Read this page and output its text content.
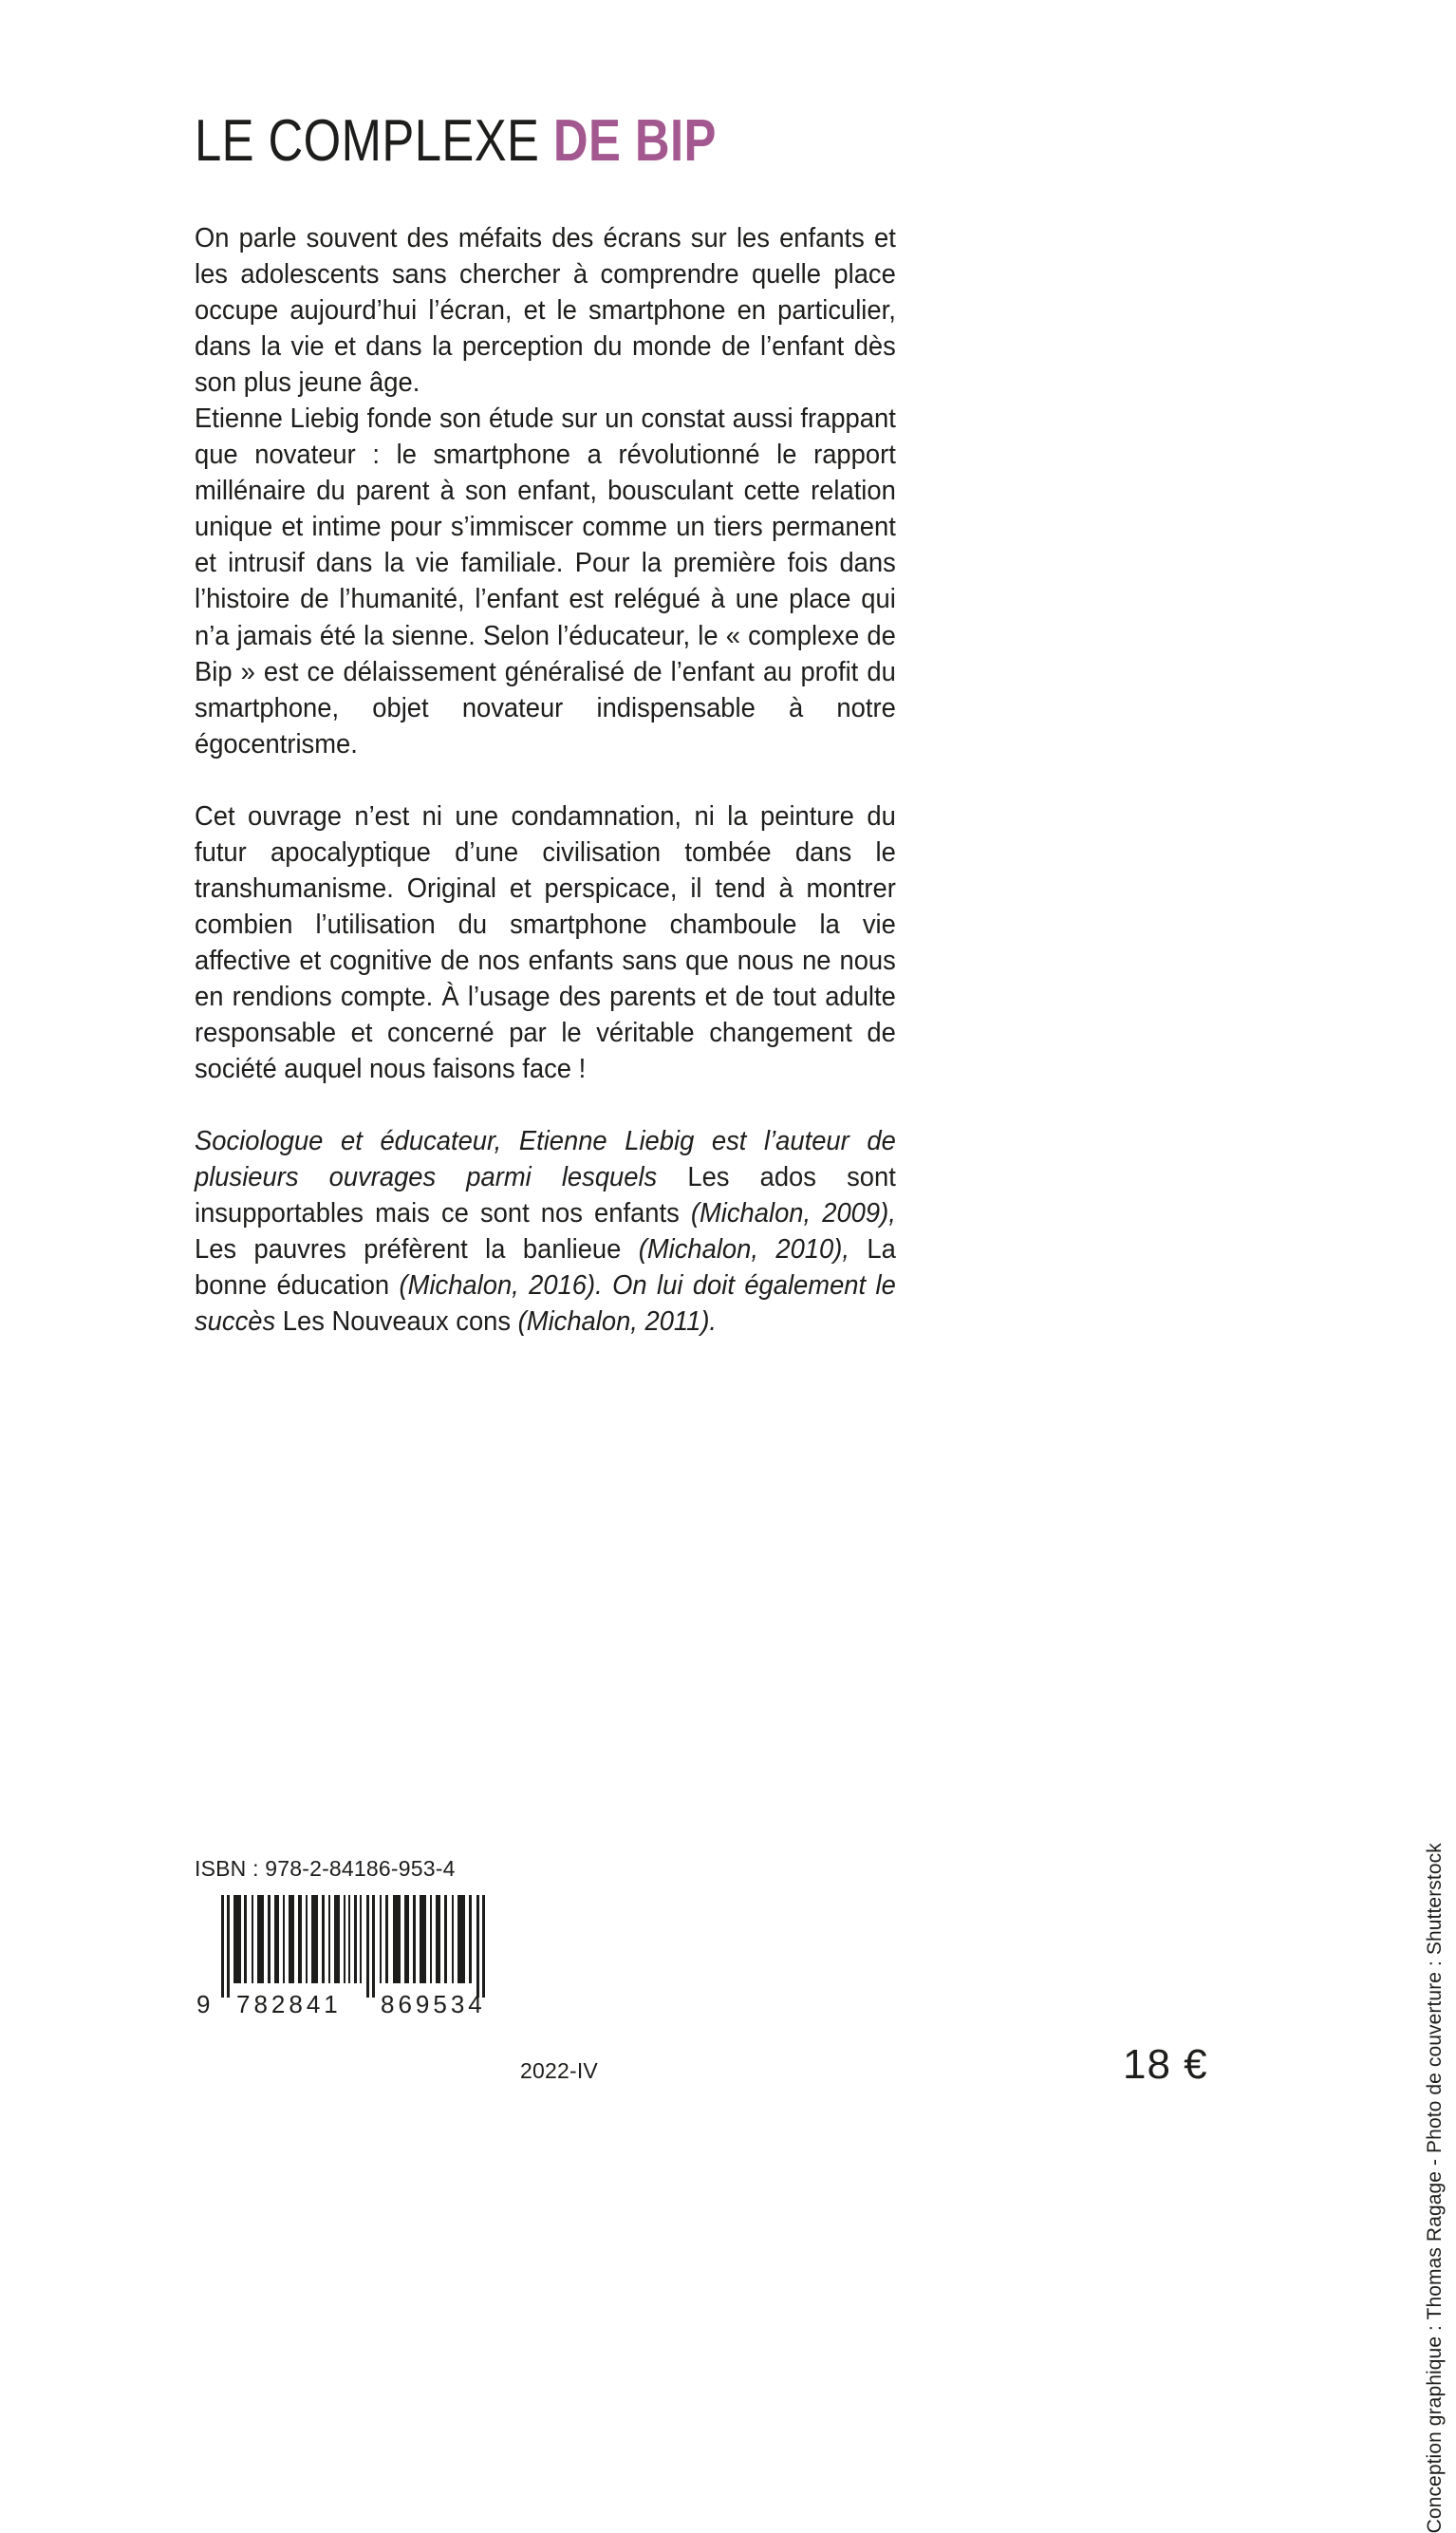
LE COMPLEXE DE BIP

On parle souvent des méfaits des écrans sur les enfants et les adolescents sans chercher à comprendre quelle place occupe aujourd’hui l’écran, et le smartphone en particulier, dans la vie et dans la perception du monde de l’enfant dès son plus jeune âge.

Etienne Liebig fonde son étude sur un constat aussi frappant que novateur : le smartphone a révolutionné le rapport millénaire du parent à son enfant, bousculant cette relation unique et intime pour s’immiscer comme un tiers permanent et intrusif dans la vie familiale. Pour la première fois dans l’histoire de l’humanité, l’enfant est relégué à une place qui n’a jamais été la sienne. Selon l’éducateur, le « complexe de Bip » est ce délaissement généralisé de l’enfant au profit du smartphone, objet novateur indispensable à notre égocentrisme.

Cet ouvrage n’est ni une condamnation, ni la peinture du futur apocalyptique d’une civilisation tombée dans le transhumanisme. Original et perspicace, il tend à montrer combien l’utilisation du smartphone chamboule la vie affective et cognitive de nos enfants sans que nous ne nous en rendions compte. À l’usage des parents et de tout adulte responsable et concerné par le véritable changement de société auquel nous faisons face !

Sociologue et éducateur, Etienne Liebig est l’auteur de plusieurs ouvrages parmi lesquels Les ados sont insupportables mais ce sont nos enfants (Michalon, 2009), Les pauvres préfèrent la banlieue (Michalon, 2010), La bonne éducation (Michalon, 2016). On lui doit également le succès Les Nouveaux cons (Michalon, 2011).

ISBN : 978-2-84186-953-4
9 782841 869534
2022-IV	18 €	Conception graphique : Thomas Ragage - Photo de couverture : Shutterstock
